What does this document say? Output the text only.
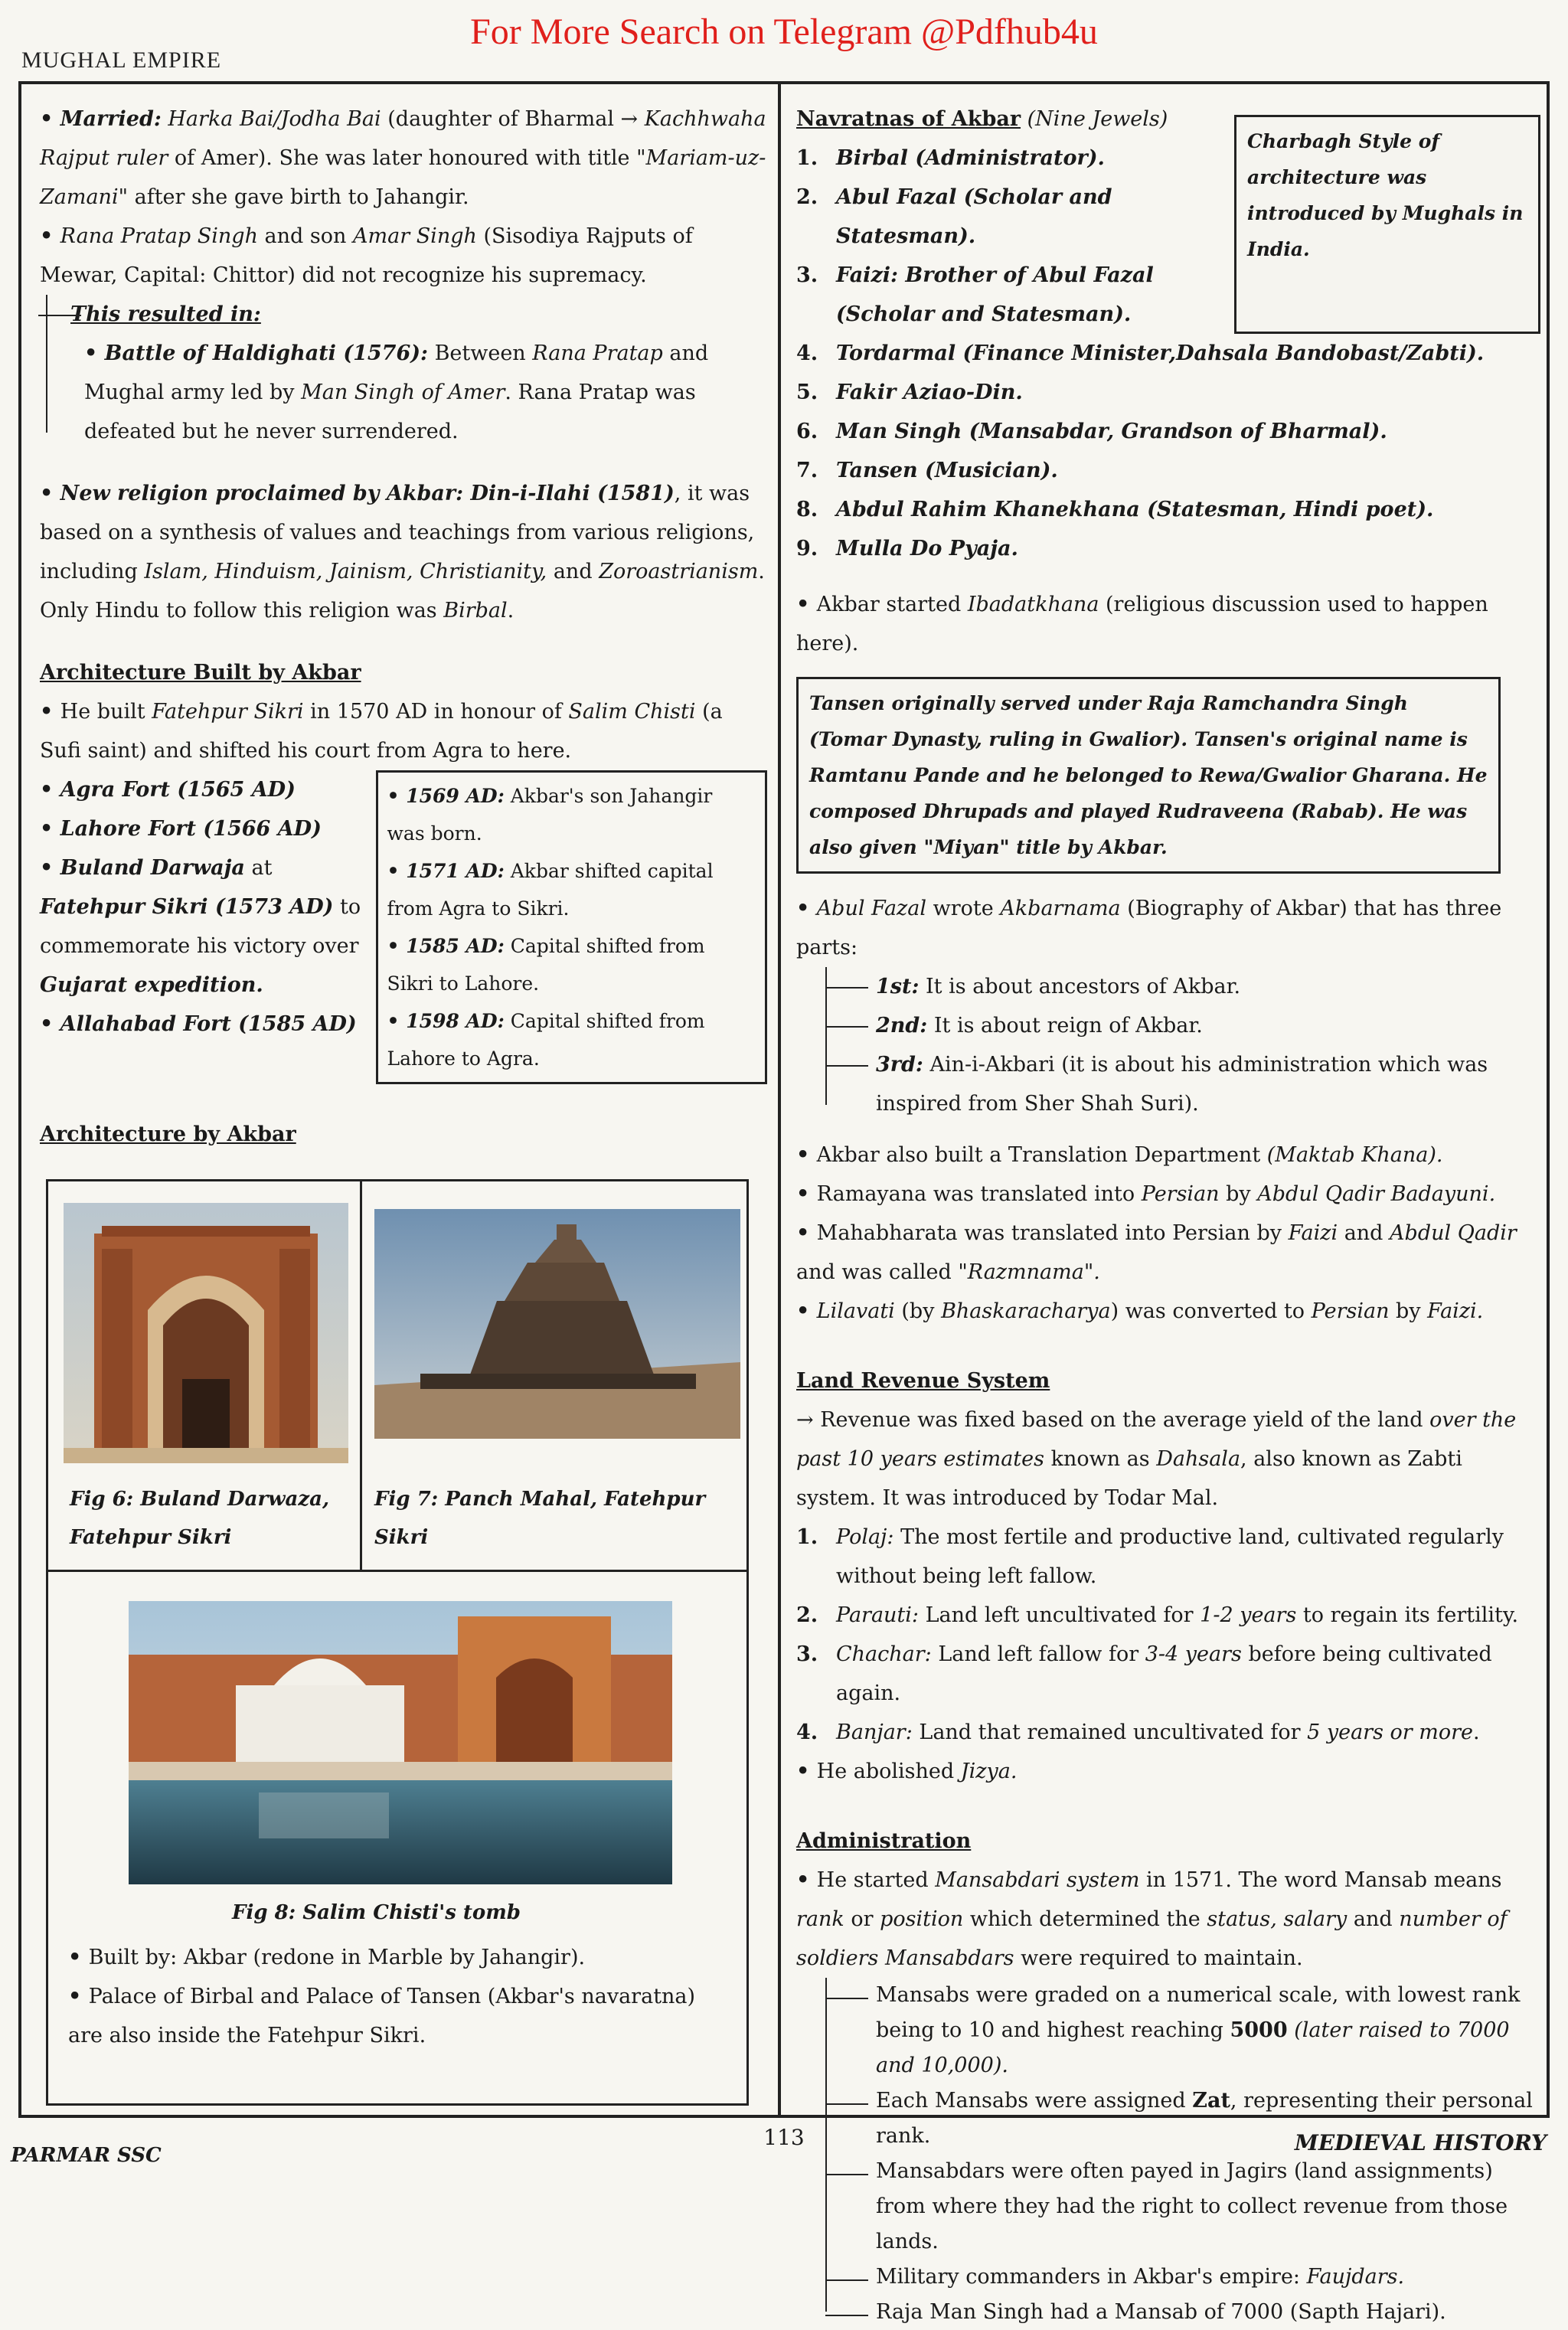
For More Search on Telegram @Pdfhub4u
MUGHAL EMPIRE

• Married: Harka Bai/Jodha Bai (daughter of Bharmal → Kachhwaha Rajput ruler of Amer). She was later honoured with title "Mariam-uz-Zamani" after she gave birth to Jahangir.

• Rana Pratap Singh and son Amar Singh (Sisodiya Rajputs of Mewar, Capital: Chittor) did not recognize his supremacy.

This resulted in:

• Battle of Haldighati (1576): Between Rana Pratap and Mughal army led by Man Singh of Amer. Rana Pratap was defeated but he never surrendered.

• New religion proclaimed by Akbar: Din-i-Ilahi (1581), it was based on a synthesis of values and teachings from various religions, including Islam, Hinduism, Jainism, Christianity, and Zoroastrianism. Only Hindu to follow this religion was Birbal.

Architecture Built by Akbar

• He built Fatehpur Sikri in 1570 AD in honour of Salim Chisti (a Sufi saint) and shifted his court from Agra to here.

• Agra Fort (1565 AD)

• Lahore Fort (1566 AD)

• Buland Darwaja at Fatehpur Sikri (1573 AD) to commemorate his victory over Gujarat expedition.

• Allahabad Fort (1585 AD)

• 1569 AD: Akbar's son Jahangir was born.

• 1571 AD: Akbar shifted capital from Agra to Sikri.

• 1585 AD: Capital shifted from Sikri to Lahore.

• 1598 AD: Capital shifted from Lahore to Agra.

Architecture by Akbar

Fig 6: Buland Darwaza, Fatehpur Sikri
Fig 7: Panch Mahal, Fatehpur Sikri
Fig 8: Salim Chisti's tomb

• Built by: Akbar (redone in Marble by Jahangir).

• Palace of Birbal and Palace of Tansen (Akbar's navaratna) are also inside the Fatehpur Sikri.

Navratnas of Akbar (Nine Jewels)

1. Birbal (Administrator).
2. Abul Fazal (Scholar and Statesman).
3. Faizi: Brother of Abul Fazal (Scholar and Statesman).
Charbagh Style of architecture was introduced by Mughals in India.
4. Tordarmal (Finance Minister,Dahsala Bandobast/Zabti).
5. Fakir Aziao-Din.
6. Man Singh (Mansabdar, Grandson of Bharmal).
7. Tansen (Musician).
8. Abdul Rahim Khanekhana (Statesman, Hindi poet).
9. Mulla Do Pyaja.

• Akbar started Ibadatkhana (religious discussion used to happen here).

Tansen originally served under Raja Ramchandra Singh (Tomar Dynasty, ruling in Gwalior). Tansen's original name is Ramtanu Pande and he belonged to Rewa/Gwalior Gharana. He composed Dhrupads and played Rudraveena (Rabab). He was also given "Miyan" title by Akbar.

• Abul Fazal wrote Akbarnama (Biography of Akbar) that has three parts:

1st: It is about ancestors of Akbar.

2nd: It is about reign of Akbar.

3rd: Ain-i-Akbari (it is about his administration which was inspired from Sher Shah Suri).

• Akbar also built a Translation Department (Maktab Khana).

• Ramayana was translated into Persian by Abdul Qadir Badayuni.

• Mahabharata was translated into Persian by Faizi and Abdul Qadir and was called "Razmnama".

• Lilavati (by Bhaskaracharya) was converted to Persian by Faizi.

Land Revenue System

→ Revenue was fixed based on the average yield of the land over the past 10 years estimates known as Dahsala, also known as Zabti system. It was introduced by Todar Mal.

1. Polaj: The most fertile and productive land, cultivated regularly without being left fallow.
2. Parauti: Land left uncultivated for 1-2 years to regain its fertility.
3. Chachar: Land left fallow for 3-4 years before being cultivated again.
4. Banjar: Land that remained uncultivated for 5 years or more.

• He abolished Jizya.

Administration

• He started Mansabdari system in 1571. The word Mansab means rank or position which determined the status, salary and number of soldiers Mansabdars were required to maintain.

Mansabs were graded on a numerical scale, with lowest rank being to 10 and highest reaching 5000 (later raised to 7000 and 10,000).

Each Mansabs were assigned Zat, representing their personal rank.

Mansabdars were often payed in Jagirs (land assignments) from where they had the right to collect revenue from those lands.

Military commanders in Akbar's empire: Faujdars.

Raja Man Singh had a Mansab of 7000 (Sapth Hajari).

PARMAR SSC
113	MEDIEVAL HISTORY
